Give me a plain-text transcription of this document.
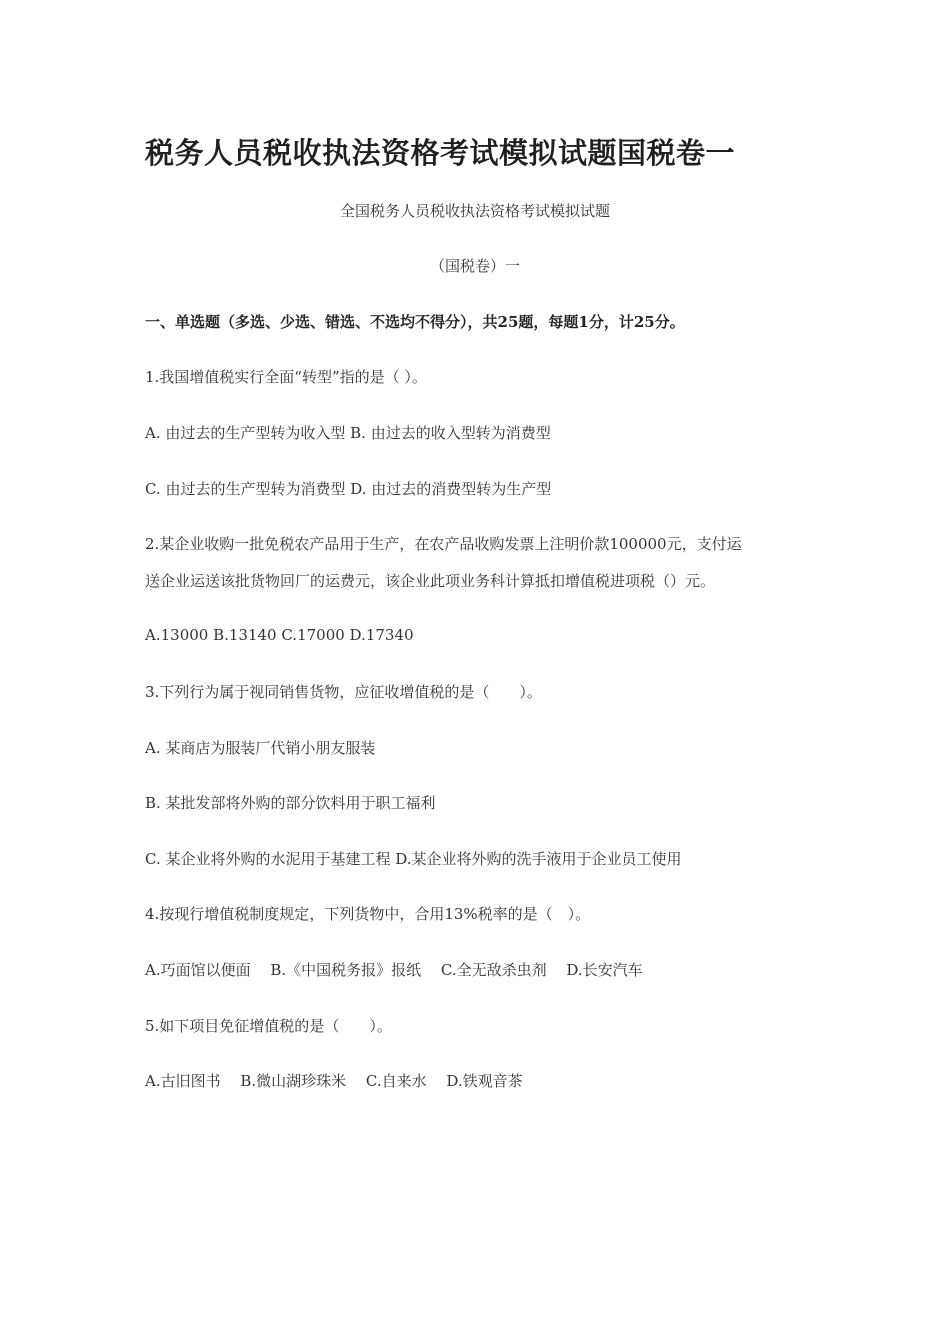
税务人员税收执法资格考试模拟试题国税卷一
全国税务人员税收执法资格考试模拟试题
（国税卷）一
一、单选题（多选、少选、错选、不选均不得分），共25题，每题1分，计25分。
1.我国增值税实行全面“转型”指的是（ ）。
A. 由过去的生产型转为收入型 B. 由过去的收入型转为消费型
C. 由过去的生产型转为消费型 D. 由过去的消费型转为生产型
2.某企业收购一批免税农产品用于生产，在农产品收购发票上注明价款100000元，支付运
送企业运送该批货物回厂的运费元，该企业此项业务科计算抵扣增值税进项税（）元。
A.13000 B.13140 C.17000 D.17340
3.下列行为属于视同销售货物，应征收增值税的是（　　）。
A. 某商店为服装厂代销小朋友服装
B. 某批发部将外购的部分饮料用于职工福利
C. 某企业将外购的水泥用于基建工程 D.某企业将外购的洗手液用于企业员工使用
4.按现行增值税制度规定，下列货物中，合用13%税率的是（　）。
A.巧面馆以便面　 B.《中国税务报》报纸　 C.全无敌杀虫剂　 D.长安汽车
5.如下项目免征增值税的是（　　）。
A.古旧图书　 B.微山湖珍珠米　 C.自来水　 D.铁观音茶
